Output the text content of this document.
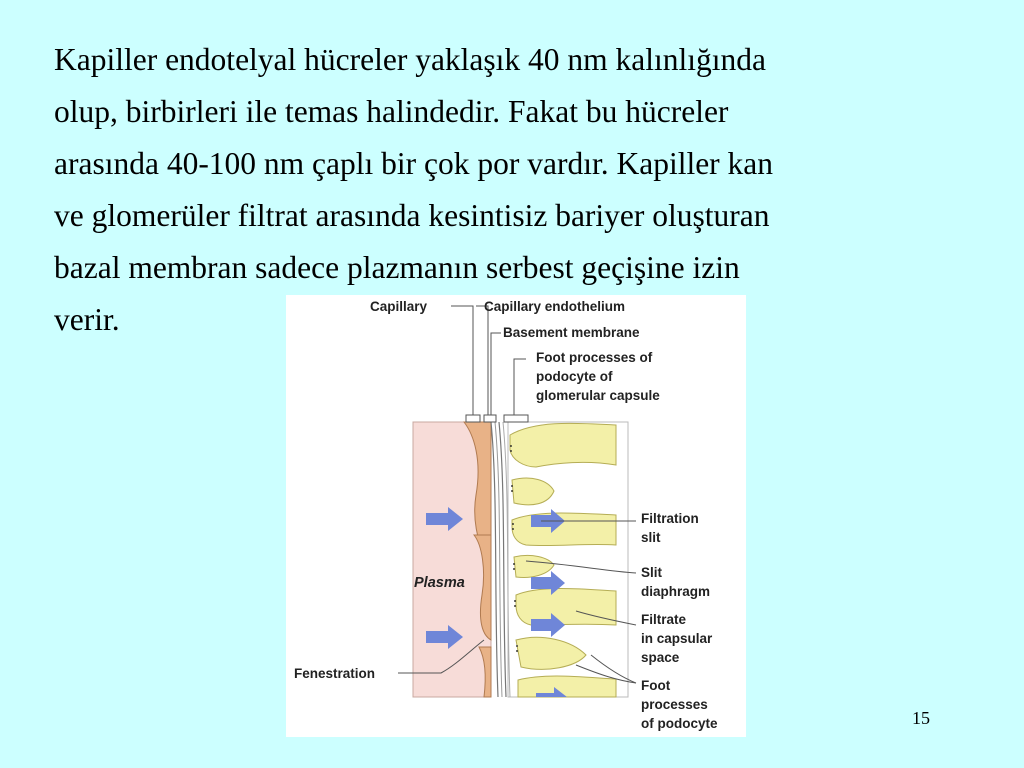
Kapiller endotelyal hücreler yaklaşık 40 nm kalınlığında
olup, birbirleri ile temas halindedir. Fakat bu hücreler
arasında 40-100 nm çaplı bir çok por vardır. Kapiller kan
ve glomerüler filtrat arasında kesintisiz bariyer oluşturan
bazal membran sadece plazmanın serbest geçişine izin
verir.	Capillary	Capillary endothelium
Basement membrane
Foot processes of
podocyte of
glomerular capsule
Plasma
Fenestration
Filtration
slit
Slit
diaphragm
Filtrate
in capsular
space
Foot
processes
of podocyte	15
